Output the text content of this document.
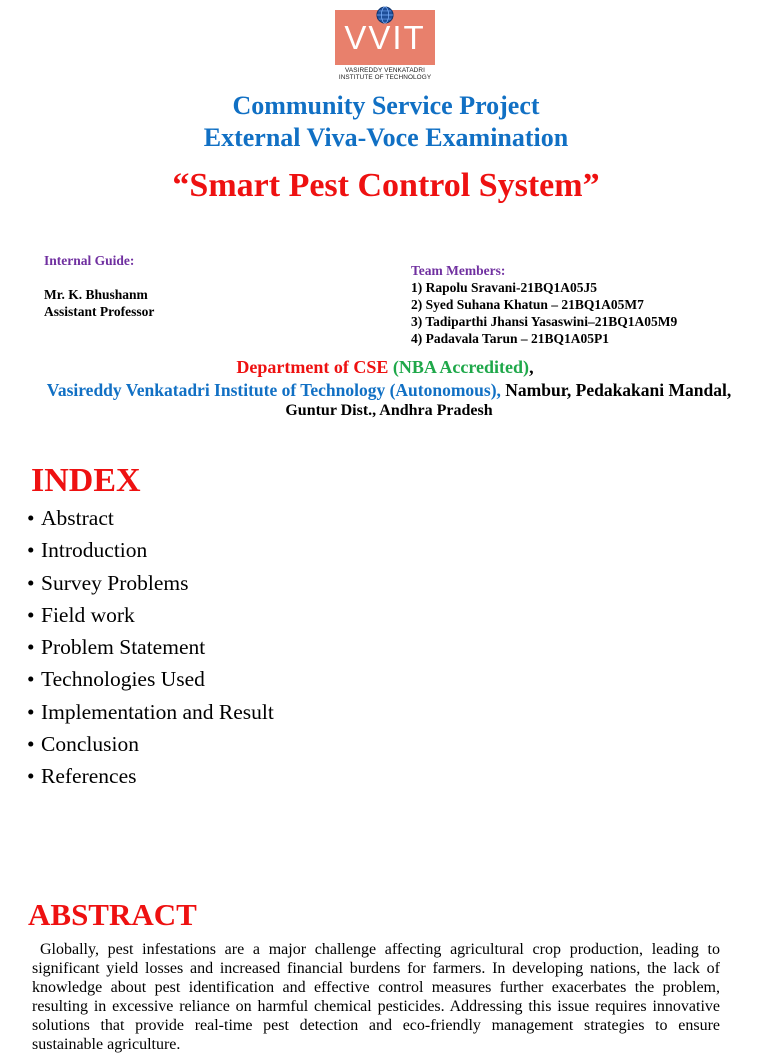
VVIT
VASIREDDY VENKATADRI
INSTITUTE OF TECHNOLOGY
Community Service Project
External Viva-Voce Examination
“Smart Pest Control System”
Internal Guide:
Mr. K. Bhushanm
Assistant Professor
Team Members:
1) Rapolu Sravani-21BQ1A05J5
2) Syed Suhana Khatun – 21BQ1A05M7
3) Tadiparthi Jhansi Yasaswini–21BQ1A05M9
4) Padavala Tarun – 21BQ1A05P1
Department of CSE (NBA Accredited),
Vasireddy Venkatadri Institute of Technology (Autonomous), Nambur, Pedakakani Mandal,
Guntur Dist., Andhra Pradesh
INDEX
• Abstract
• Introduction
• Survey Problems
• Field work
• Problem Statement
• Technologies Used
• Implementation and Result
• Conclusion
• References
ABSTRACT
Globally, pest infestations are a major challenge affecting agricultural crop production, leading to significant yield losses and increased financial burdens for farmers. In developing nations, the lack of knowledge about pest identification and effective control measures further exacerbates the problem, resulting in excessive reliance on harmful chemical pesticides. Addressing this issue requires innovative solutions that provide real-time pest detection and eco-friendly management strategies to ensure sustainable agriculture.
